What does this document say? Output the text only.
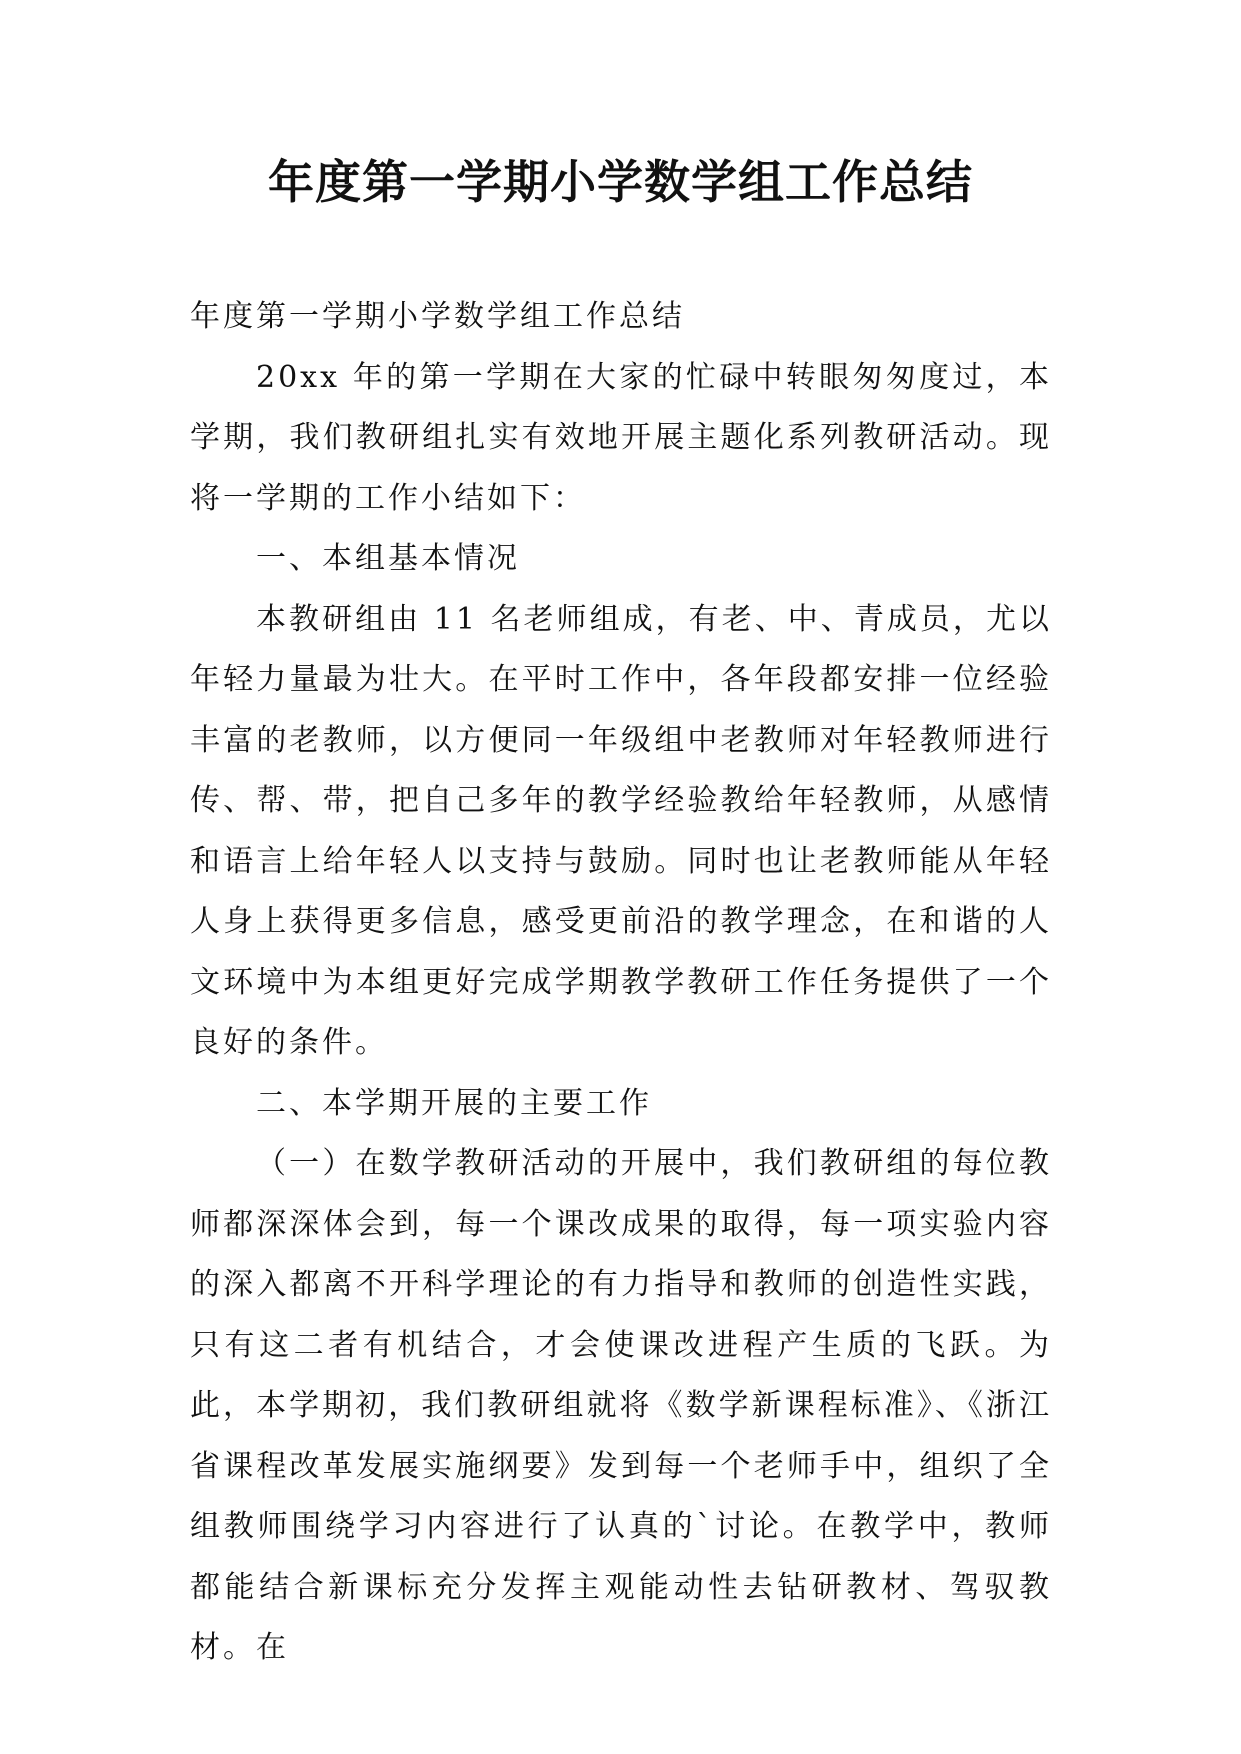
年度第一学期小学数学组工作总结

年度第一学期小学数学组工作总结

20xx 年的第一学期在大家的忙碌中转眼匆匆度过，本学期，我们教研组扎实有效地开展主题化系列教研活动。现将一学期的工作小结如下：

一、本组基本情况

本教研组由 11 名老师组成，有老、中、青成员，尤以年轻力量最为壮大。在平时工作中，各年段都安排一位经验丰富的老教师，以方便同一年级组中老教师对年轻教师进行传、帮、带，把自己多年的教学经验教给年轻教师，从感情和语言上给年轻人以支持与鼓励。同时也让老教师能从年轻人身上获得更多信息，感受更前沿的教学理念，在和谐的人文环境中为本组更好完成学期教学教研工作任务提供了一个良好的条件。

二、本学期开展的主要工作

（一）在数学教研活动的开展中，我们教研组的每位教师都深深体会到，每一个课改成果的取得，每一项实验内容的深入都离不开科学理论的有力指导和教师的创造性实践，只有这二者有机结合，才会使课改进程产生质的飞跃。为此，本学期初，我们教研组就将《数学新课程标准》、《浙江省课程改革发展实施纲要》发到每一个老师手中，组织了全组教师围绕学习内容进行了认真的`讨论。在教学中，教师都能结合新课标充分发挥主观能动性去钻研教材、驾驭教材。在
